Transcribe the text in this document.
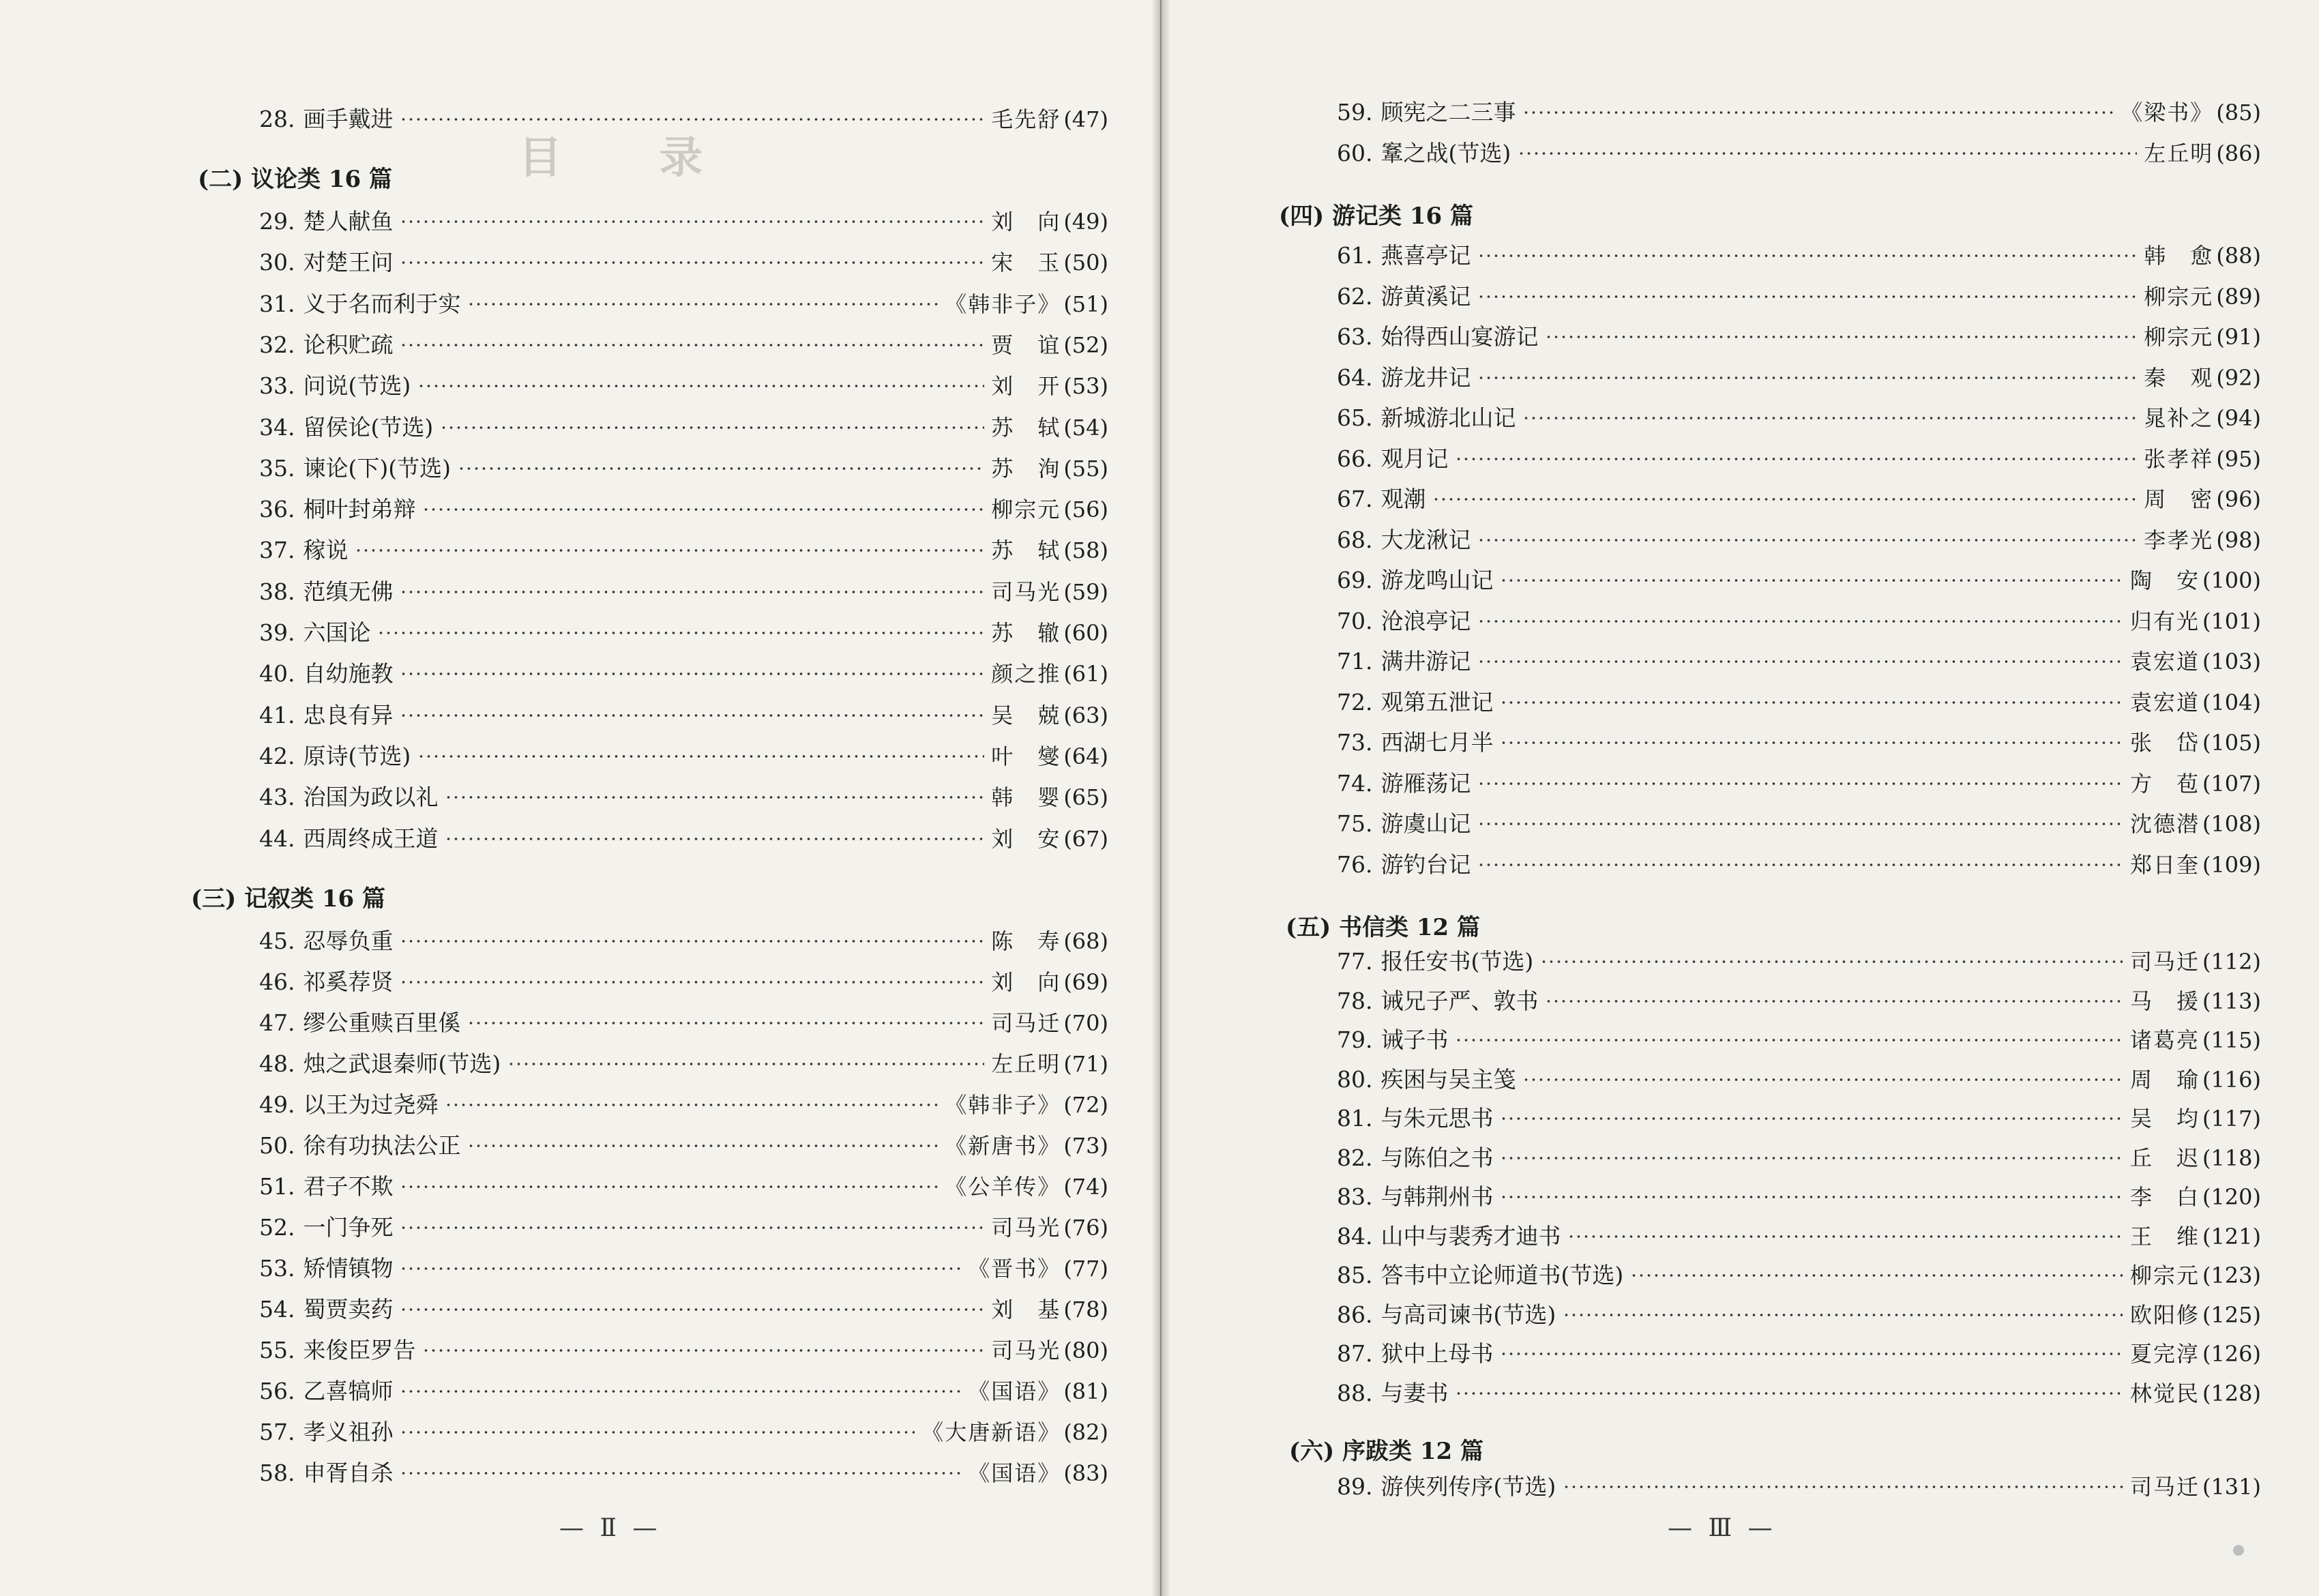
目 录
28. 画手戴进	毛先舒 (47)
(二) 议论类 16 篇
29. 楚人献鱼	刘　向 (49)
30. 对楚王问	宋　玉 (50)
31. 义于名而利于实	《韩非子》 (51)
32. 论积贮疏	贾　谊 (52)
33. 问说(节选)	刘　开 (53)
34. 留侯论(节选)	苏　轼 (54)
35. 谏论(下)(节选)	苏　洵 (55)
36. 桐叶封弟辩	柳宗元 (56)
37. 稼说	苏　轼 (58)
38. 范缜无佛	司马光 (59)
39. 六国论	苏　辙 (60)
40. 自幼施教	颜之推 (61)
41. 忠良有异	吴　兢 (63)
42. 原诗(节选)	叶　燮 (64)
43. 治国为政以礼	韩　婴 (65)
44. 西周终成王道	刘　安 (67)
(三) 记叙类 16 篇
45. 忍辱负重	陈　寿 (68)
46. 祁奚荐贤	刘　向 (69)
47. 缪公重赎百里傒	司马迁 (70)
48. 烛之武退秦师(节选)	左丘明 (71)
49. 以王为过尧舜	《韩非子》 (72)
50. 徐有功执法公正	《新唐书》 (73)
51. 君子不欺	《公羊传》 (74)
52. 一门争死	司马光 (76)
53. 矫情镇物	《晋书》 (77)
54. 蜀贾卖药	刘　基 (78)
55. 来俊臣罗告	司马光 (80)
56. 乙喜犒师	《国语》 (81)
57. 孝义祖孙	《大唐新语》 (82)
58. 申胥自杀	《国语》 (83)
— Ⅱ —
59. 顾宪之二三事	《梁书》 (85)
60. 鞌之战(节选)	左丘明 (86)
(四) 游记类 16 篇
61. 燕喜亭记	韩　愈 (88)
62. 游黄溪记	柳宗元 (89)
63. 始得西山宴游记	柳宗元 (91)
64. 游龙井记	秦　观 (92)
65. 新城游北山记	晁补之 (94)
66. 观月记	张孝祥 (95)
67. 观潮	周　密 (96)
68. 大龙湫记	李孝光 (98)
69. 游龙鸣山记	陶　安 (100)
70. 沧浪亭记	归有光 (101)
71. 满井游记	袁宏道 (103)
72. 观第五泄记	袁宏道 (104)
73. 西湖七月半	张　岱 (105)
74. 游雁荡记	方　苞 (107)
75. 游虞山记	沈德潜 (108)
76. 游钓台记	郑日奎 (109)
(五) 书信类 12 篇
77. 报任安书(节选)	司马迁 (112)
78. 诫兄子严、敦书	马　援 (113)
79. 诫子书	诸葛亮 (115)
80. 疾困与吴主笺	周　瑜 (116)
81. 与朱元思书	吴　均 (117)
82. 与陈伯之书	丘　迟 (118)
83. 与韩荆州书	李　白 (120)
84. 山中与裴秀才迪书	王　维 (121)
85. 答韦中立论师道书(节选)	柳宗元 (123)
86. 与高司谏书(节选)	欧阳修 (125)
87. 狱中上母书	夏完淳 (126)
88. 与妻书	林觉民 (128)
(六) 序跋类 12 篇
89. 游侠列传序(节选)	司马迁 (131)
— Ⅲ —
